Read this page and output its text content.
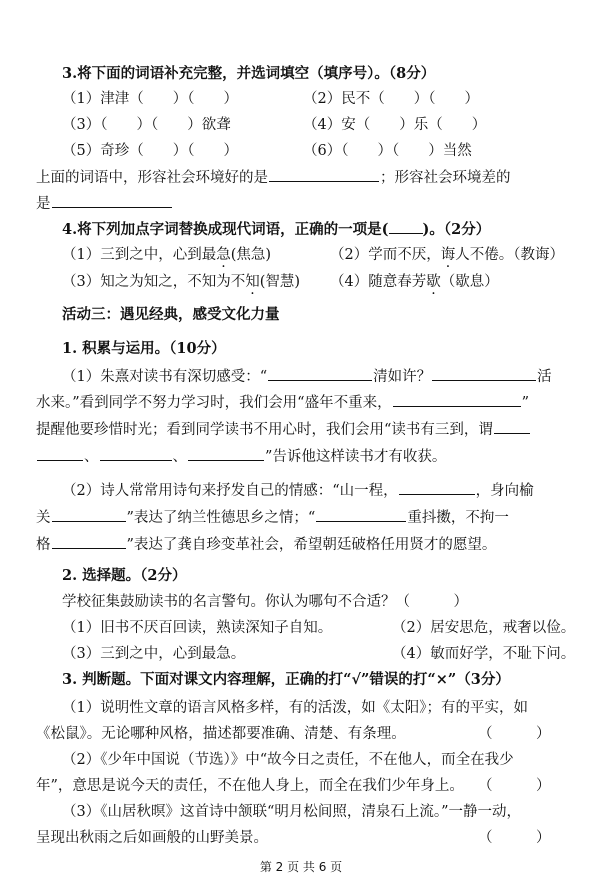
3.将下面的词语补充完整，并选词填空（填序号）。（8分）
（1）津津（　　）（　　）	（2）民不（　　）（　　）
（3）（　　）（　　）欲聋	（4）安（　　）乐（　　）
（5）奇珍（　　）（　　）	（6）（　　）（　　）当然
上面的词语中，形容社会环境好的是	；形容社会环境差的
是
4.将下列加点字词替换成现代词语，正确的一项是( )。（2分）
（1）三到之中，心到最急(焦急)	（2）学而不厌，诲人不倦。（教诲）
（3）知之为知之，不知为不知(智慧) （4）随意春芳歇（歇息）
活动三：遇见经典，感受文化力量
1. 积累与运用。（10分）
（1）朱熹对读书有深切感受：“	清如许？	活
水来。”看到同学不努力学习时，我们会用“盛年不重来，	”
提醒他要珍惜时光；看到同学读书不用心时，我们会用“读书有三到，谓
、	、	”告诉他这样读书才有收获。
（2）诗人常常用诗句来抒发自己的情感：“山一程，	，身向榆
关	”表达了纳兰性德思乡之情；“	重抖擞，不拘一
格	”表达了龚自珍变革社会，希望朝廷破格任用贤才的愿望。
2. 选择题。（2分）
学校征集鼓励读书的名言警句。你认为哪句不合适？（　　　）
（1）旧书不厌百回读，熟读深知子自知。	（2）居安思危，戒奢以俭。
（3）三到之中，心到最急。	（4）敏而好学，不耻下问。
3. 判断题。下面对课文内容理解，正确的打“√”错误的打“×”（3分）
（1）说明性文章的语言风格多样，有的活泼，如《太阳》；有的平实，如
《松鼠》。无论哪种风格，描述都要准确、清楚、有条理。	（　　　）
（2）《少年中国说（节选）》中“故今日之责任，不在他人，而全在我少
年”，意思是说今天的责任，不在他人身上，而全在我们少年身上。 （　　　）
（3）《山居秋暝》这首诗中颔联“明月松间照，清泉石上流。”一静一动，
呈现出秋雨之后如画般的山野美景。	（　　　）
第 2 页 共 6 页
